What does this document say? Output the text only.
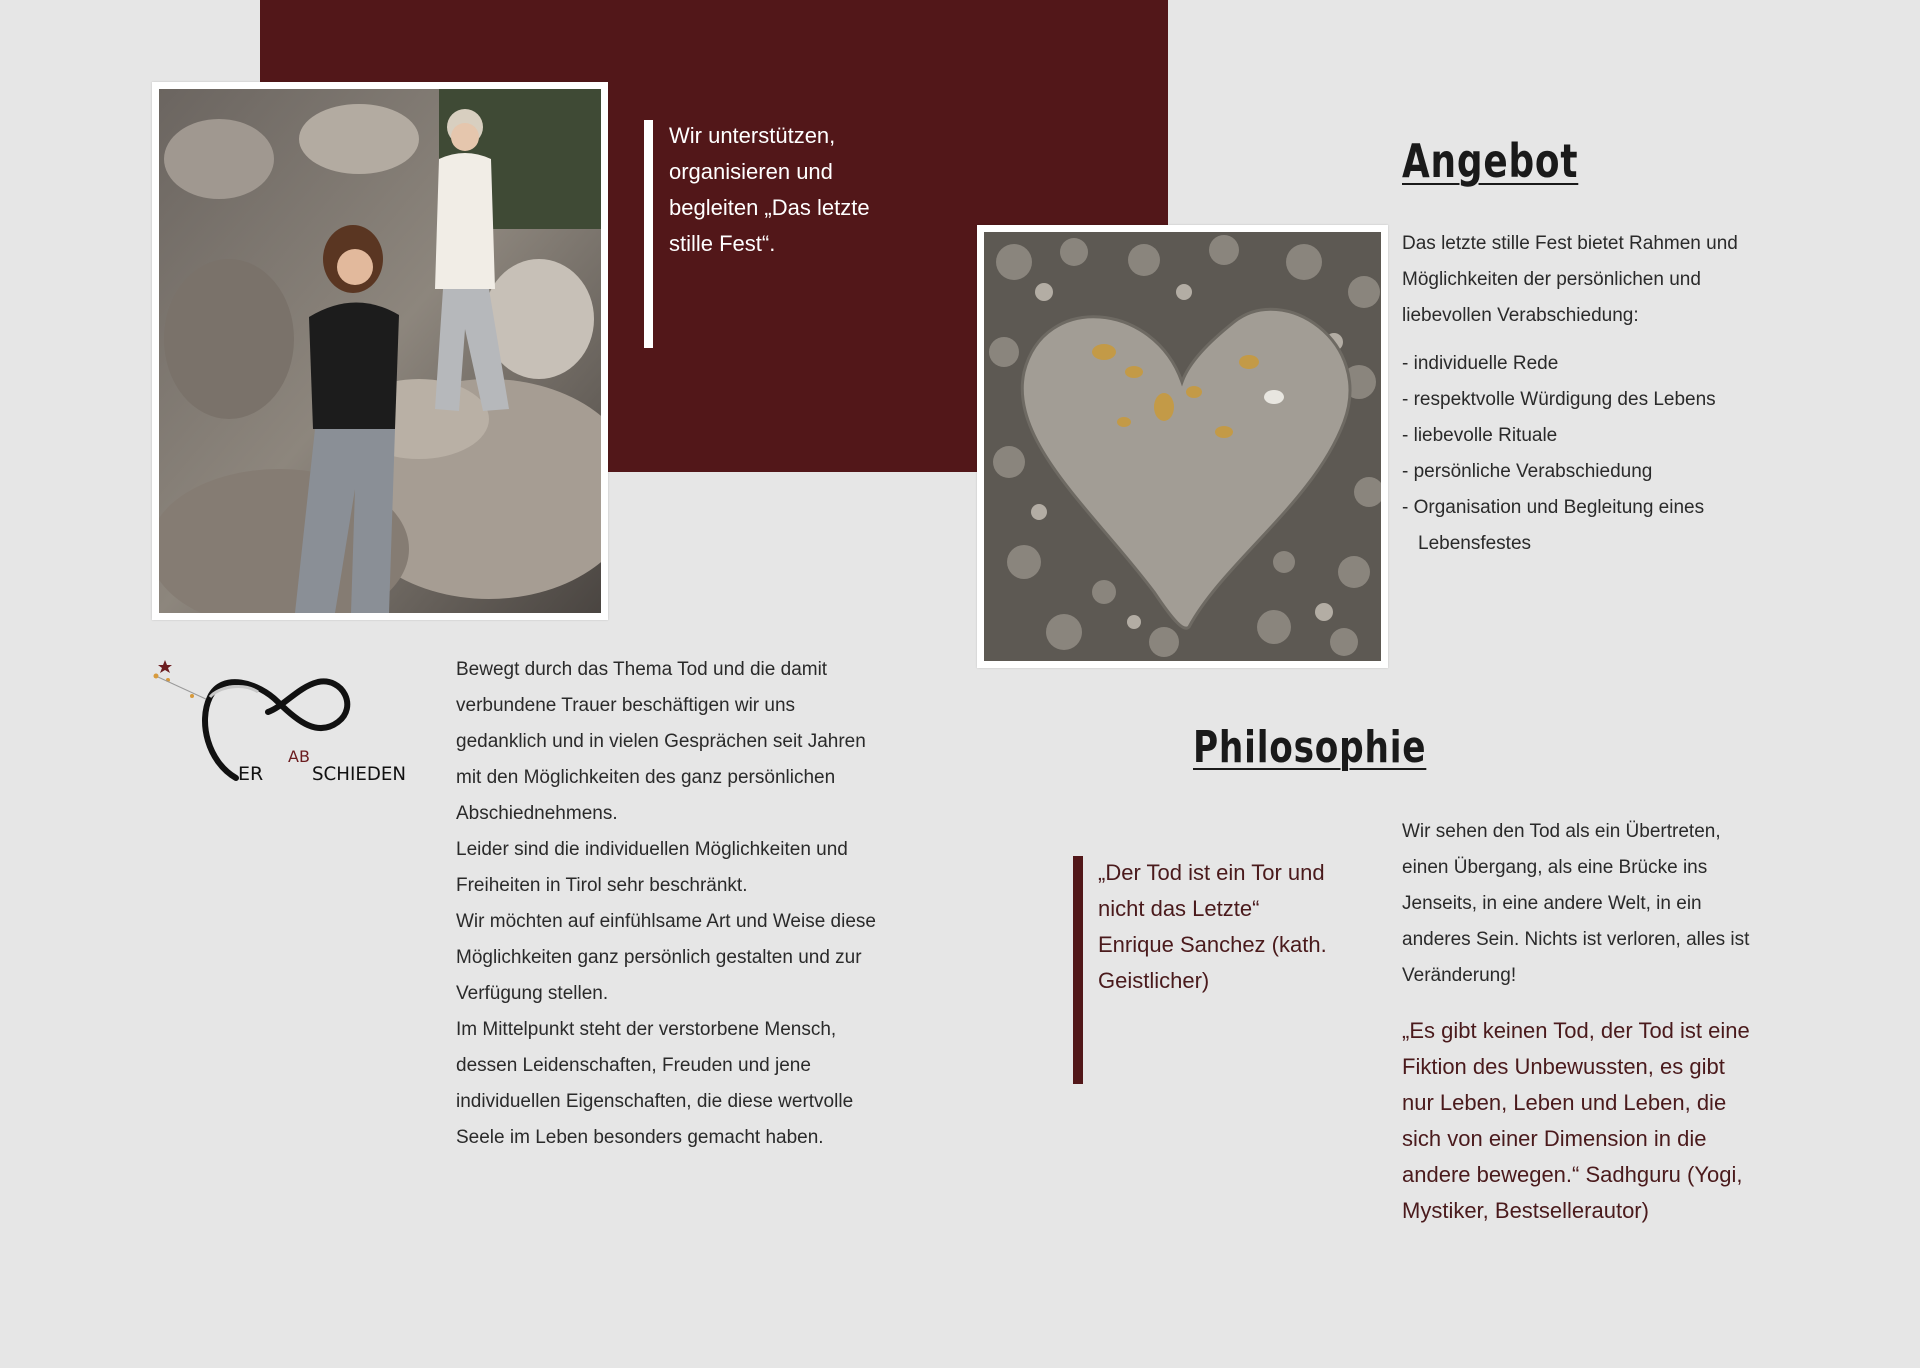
Wir unterstützen, organisieren und begleiten „Das letzte stille Fest“.
Angebot
Das letzte stille Fest bietet Rahmen und Möglichkeiten der persönlichen und liebevollen Verabschiedung:
- individuelle Rede
- respektvolle Würdigung des Lebens
- liebevolle Rituale
- persönliche Verabschiedung
- Organisation und Begleitung eines
Lebensfestes
ER
AB
SCHIEDEN

Bewegt durch das Thema Tod und die damit verbundene Trauer beschäftigen wir uns gedanklich und in vielen Gesprächen seit Jahren mit den Möglichkeiten des ganz persönlichen Abschiednehmens.

Leider sind die individuellen Möglichkeiten und Freiheiten in Tirol sehr beschränkt.

Wir möchten auf einfühlsame Art und Weise diese Möglichkeiten ganz persönlich gestalten und zur Verfügung stellen.

Im Mittelpunkt steht der verstorbene Mensch, dessen Leidenschaften, Freuden und jene individuellen Eigenschaften, die diese wertvolle Seele im Leben besonders gemacht haben.

Philosophie
„Der Tod ist ein Tor und nicht das Letzte“ Enrique Sanchez (kath. Geistlicher)
Wir sehen den Tod als ein Übertreten, einen Übergang, als eine Brücke ins Jenseits, in eine andere Welt, in ein anderes Sein. Nichts ist verloren, alles ist Veränderung!
„Es gibt keinen Tod, der Tod ist eine Fiktion des Unbewussten, es gibt nur Leben, Leben und Leben, die sich von einer Dimension in die andere bewegen.“ Sadhguru (Yogi, Mystiker, Bestsellerautor)
